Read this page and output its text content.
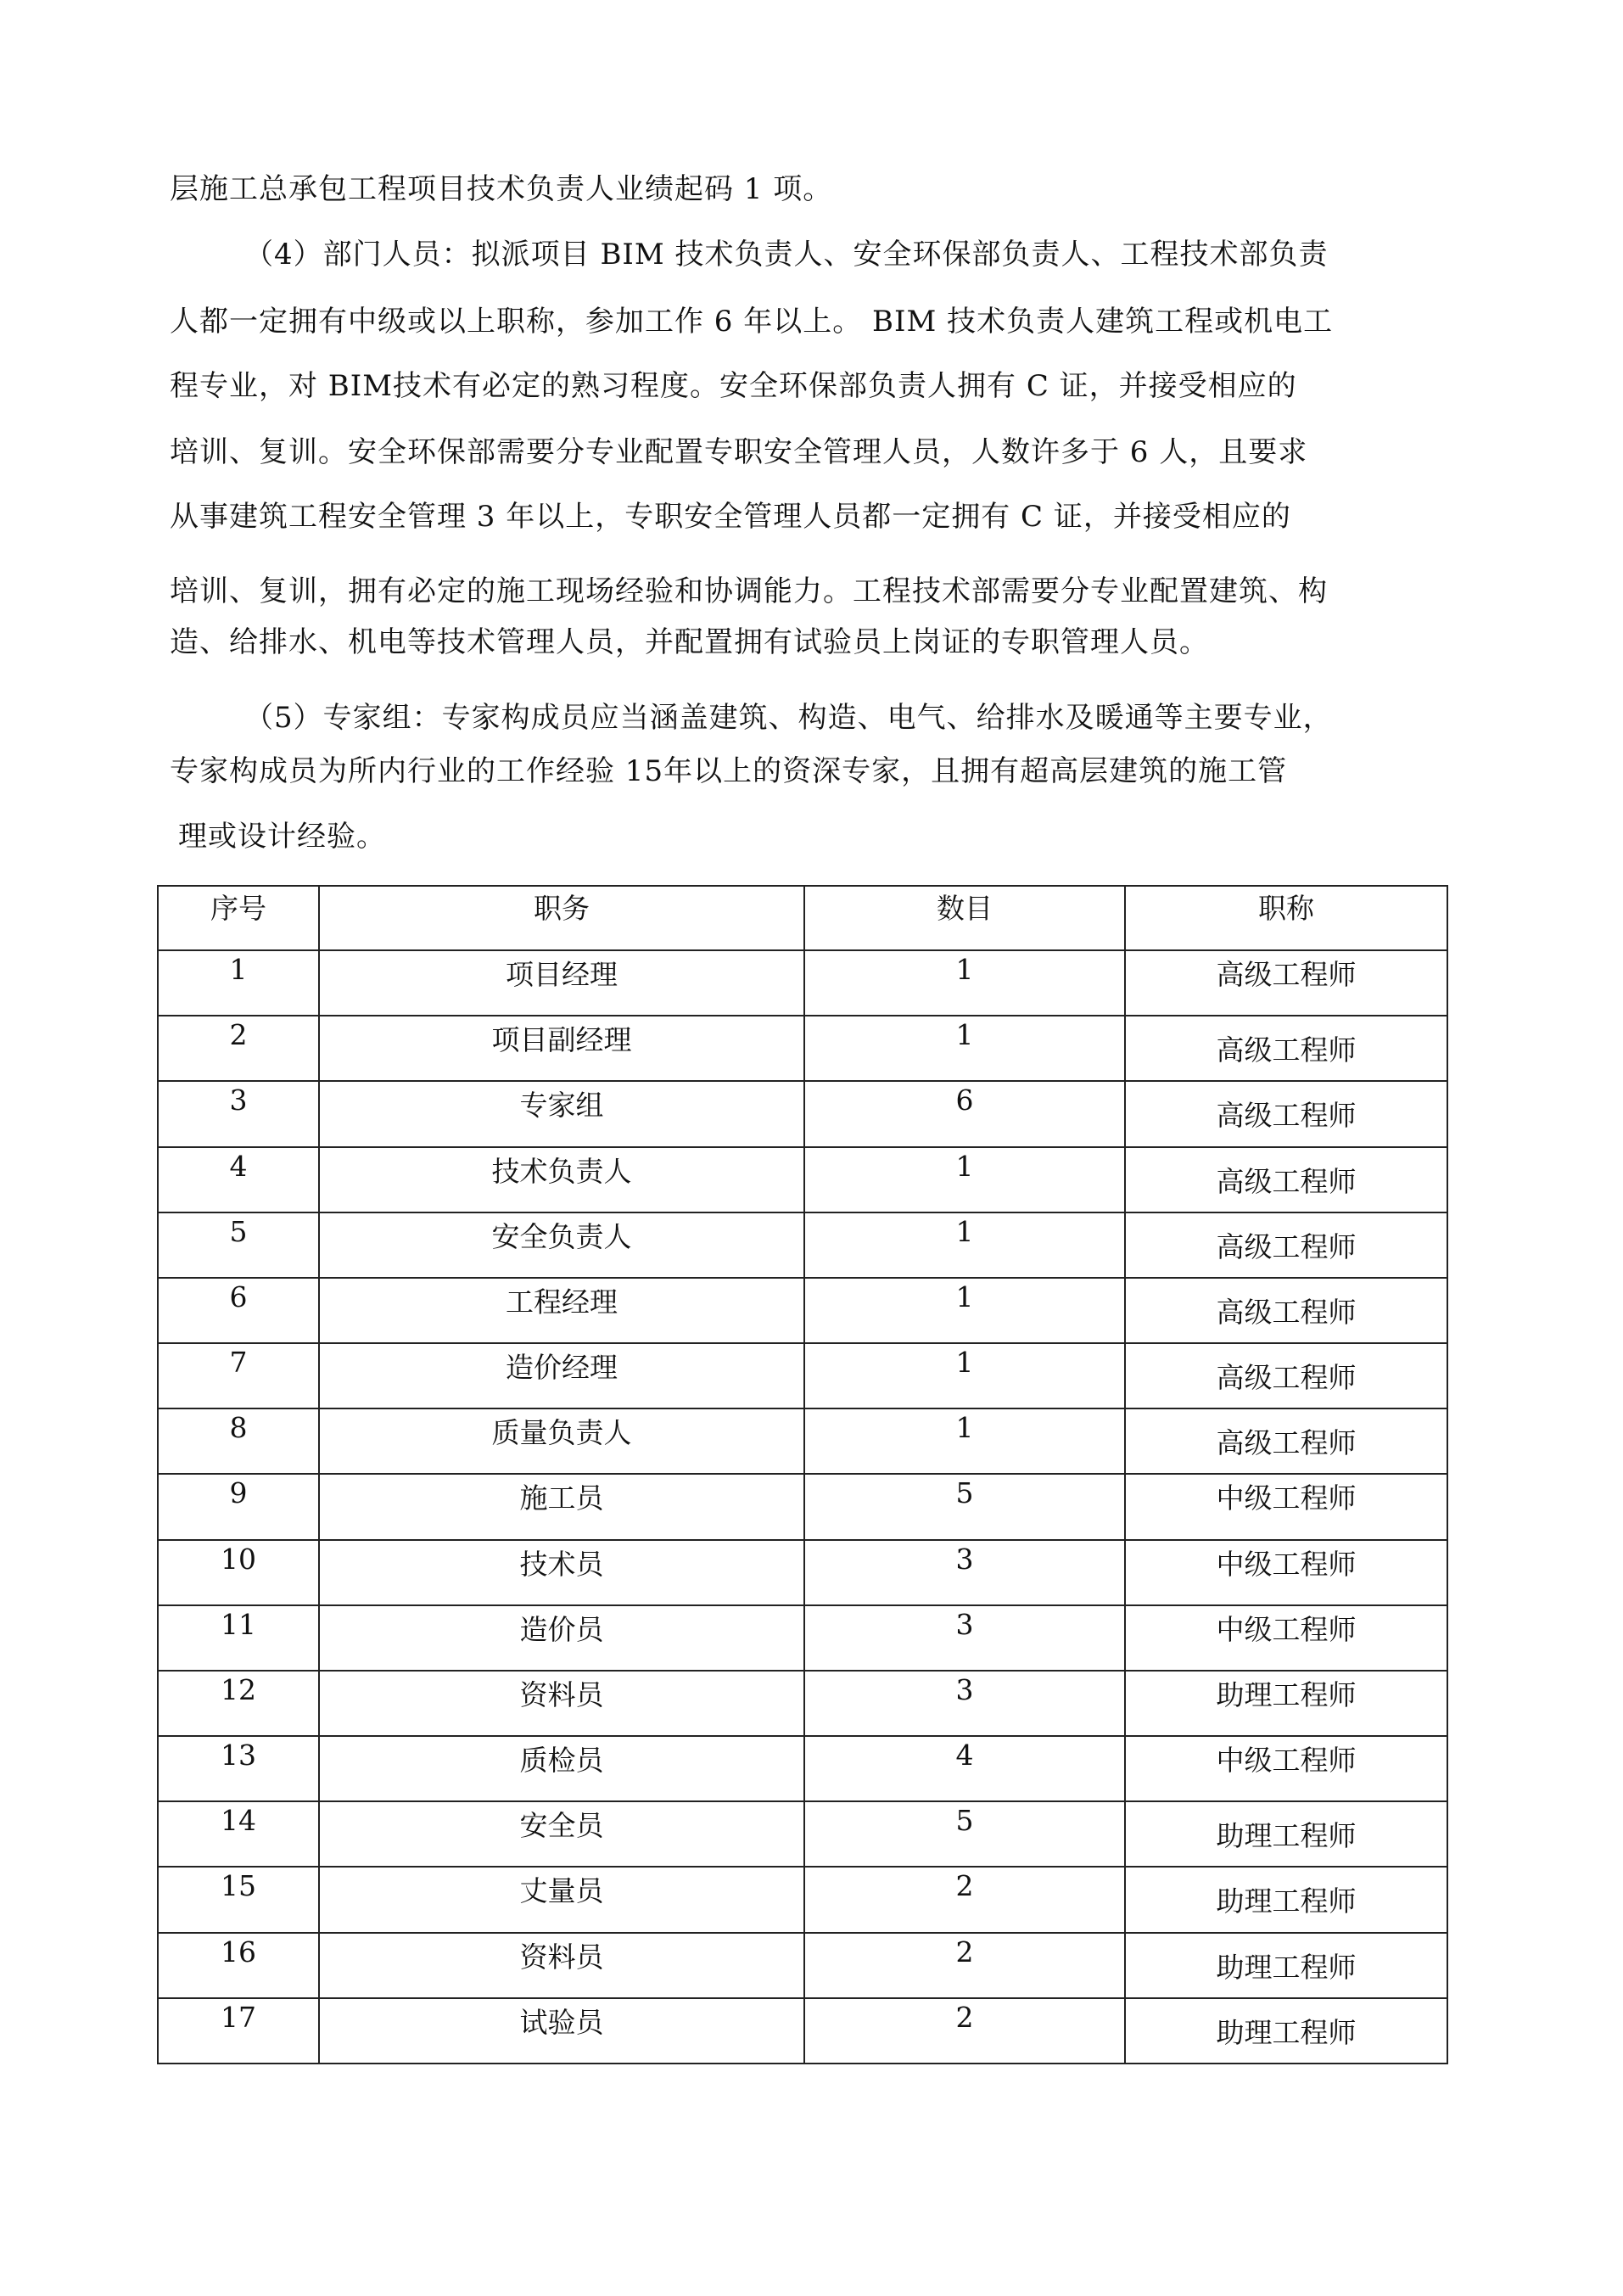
层施工总承包工程项目技术负责人业绩起码 1 项。
（4）部门人员：拟派项目 BIM 技术负责人、安全环保部负责人、工程技术部负责
人都一定拥有中级或以上职称，参加工作 6 年以上。 BIM 技术负责人建筑工程或机电工
程专业，对 BIM技术有必定的熟习程度。安全环保部负责人拥有 C 证，并接受相应的
培训、复训。安全环保部需要分专业配置专职安全管理人员，人数许多于 6 人，且要求
从事建筑工程安全管理 3 年以上，专职安全管理人员都一定拥有 C 证，并接受相应的
培训、复训，拥有必定的施工现场经验和协调能力。工程技术部需要分专业配置建筑、构
造、给排水、机电等技术管理人员，并配置拥有试验员上岗证的专职管理人员。
（5）专家组：专家构成员应当涵盖建筑、构造、电气、给排水及暖通等主要专业，
专家构成员为所内行业的工作经验 15年以上的资深专家，且拥有超高层建筑的施工管
理或设计经验。
序号	职务	数目	职称
1	项目经理	1	高级工程师
2	项目副经理	1	高级工程师
3	专家组	6	高级工程师
4	技术负责人	1	高级工程师
5	安全负责人	1	高级工程师
6	工程经理	1	高级工程师
7	造价经理	1	高级工程师
8	质量负责人	1	高级工程师
9	施工员	5	中级工程师
10	技术员	3	中级工程师
11	造价员	3	中级工程师
12	资料员	3	助理工程师
13	质检员	4	中级工程师
14	安全员	5	助理工程师
15	丈量员	2	助理工程师
16	资料员	2	助理工程师
17	试验员	2	助理工程师
